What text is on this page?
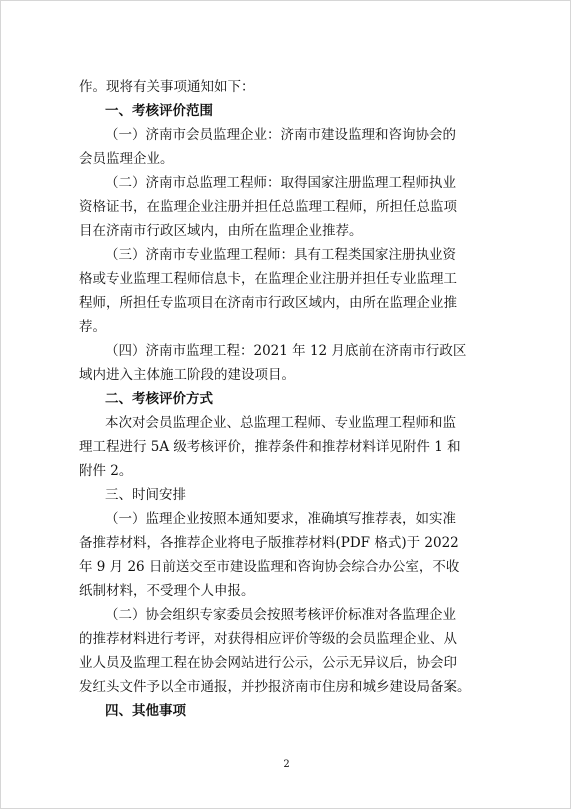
作。现将有关事项通知如下：
一、考核评价范围
（一）济南市会员监理企业：济南市建设监理和咨询协会的
会员监理企业。
（二）济南市总监理工程师：取得国家注册监理工程师执业
资格证书，在监理企业注册并担任总监理工程师，所担任总监项
目在济南市行政区域内，由所在监理企业推荐。
（三）济南市专业监理工程师：具有工程类国家注册执业资
格或专业监理工程师信息卡，在监理企业注册并担任专业监理工
程师，所担任专监项目在济南市行政区域内，由所在监理企业推
荐。
（四）济南市监理工程：2021 年 12 月底前在济南市行政区
域内进入主体施工阶段的建设项目。
二、考核评价方式
本次对会员监理企业、总监理工程师、专业监理工程师和监
理工程进行 5A 级考核评价，推荐条件和推荐材料详见附件 1 和
附件 2。
三、时间安排
（一）监理企业按照本通知要求，准确填写推荐表，如实准
备推荐材料，各推荐企业将电子版推荐材料(PDF 格式)于 2022
年 9 月 26 日前送交至市建设监理和咨询协会综合办公室，不收
纸制材料，不受理个人申报。
（二）协会组织专家委员会按照考核评价标准对各监理企业
的推荐材料进行考评，对获得相应评价等级的会员监理企业、从
业人员及监理工程在协会网站进行公示，公示无异议后，协会印
发红头文件予以全市通报，并抄报济南市住房和城乡建设局备案。
四、其他事项
2
